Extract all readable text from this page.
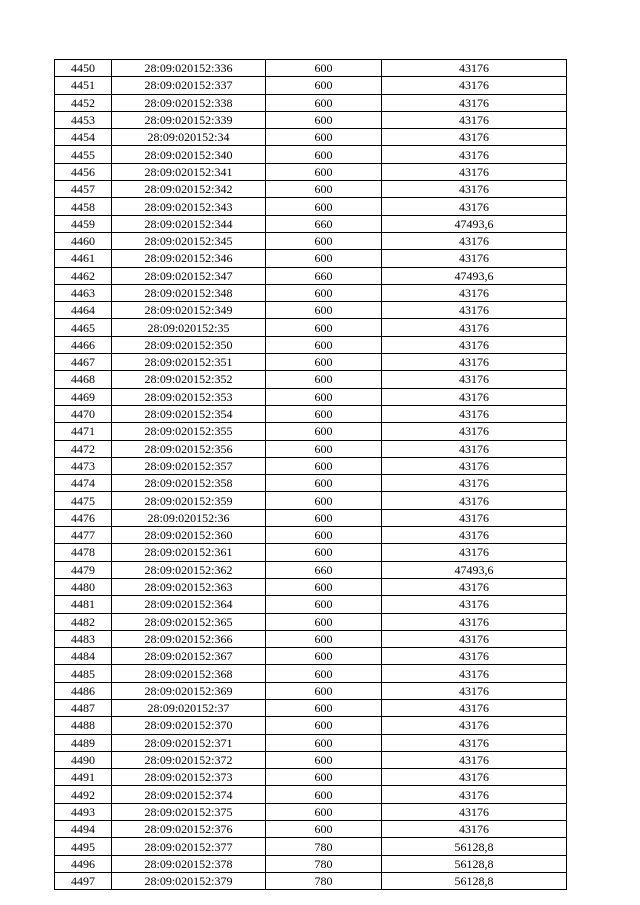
4450	28:09:020152:336	600	43176
4451	28:09:020152:337	600	43176
4452	28:09:020152:338	600	43176
4453	28:09:020152:339	600	43176
4454	28:09:020152:34	600	43176
4455	28:09:020152:340	600	43176
4456	28:09:020152:341	600	43176
4457	28:09:020152:342	600	43176
4458	28:09:020152:343	600	43176
4459	28:09:020152:344	660	47493,6
4460	28:09:020152:345	600	43176
4461	28:09:020152:346	600	43176
4462	28:09:020152:347	660	47493,6
4463	28:09:020152:348	600	43176
4464	28:09:020152:349	600	43176
4465	28:09:020152:35	600	43176
4466	28:09:020152:350	600	43176
4467	28:09:020152:351	600	43176
4468	28:09:020152:352	600	43176
4469	28:09:020152:353	600	43176
4470	28:09:020152:354	600	43176
4471	28:09:020152:355	600	43176
4472	28:09:020152:356	600	43176
4473	28:09:020152:357	600	43176
4474	28:09:020152:358	600	43176
4475	28:09:020152:359	600	43176
4476	28:09:020152:36	600	43176
4477	28:09:020152:360	600	43176
4478	28:09:020152:361	600	43176
4479	28:09:020152:362	660	47493,6
4480	28:09:020152:363	600	43176
4481	28:09:020152:364	600	43176
4482	28:09:020152:365	600	43176
4483	28:09:020152:366	600	43176
4484	28:09:020152:367	600	43176
4485	28:09:020152:368	600	43176
4486	28:09:020152:369	600	43176
4487	28:09:020152:37	600	43176
4488	28:09:020152:370	600	43176
4489	28:09:020152:371	600	43176
4490	28:09:020152:372	600	43176
4491	28:09:020152:373	600	43176
4492	28:09:020152:374	600	43176
4493	28:09:020152:375	600	43176
4494	28:09:020152:376	600	43176
4495	28:09:020152:377	780	56128,8
4496	28:09:020152:378	780	56128,8
4497	28:09:020152:379	780	56128,8
